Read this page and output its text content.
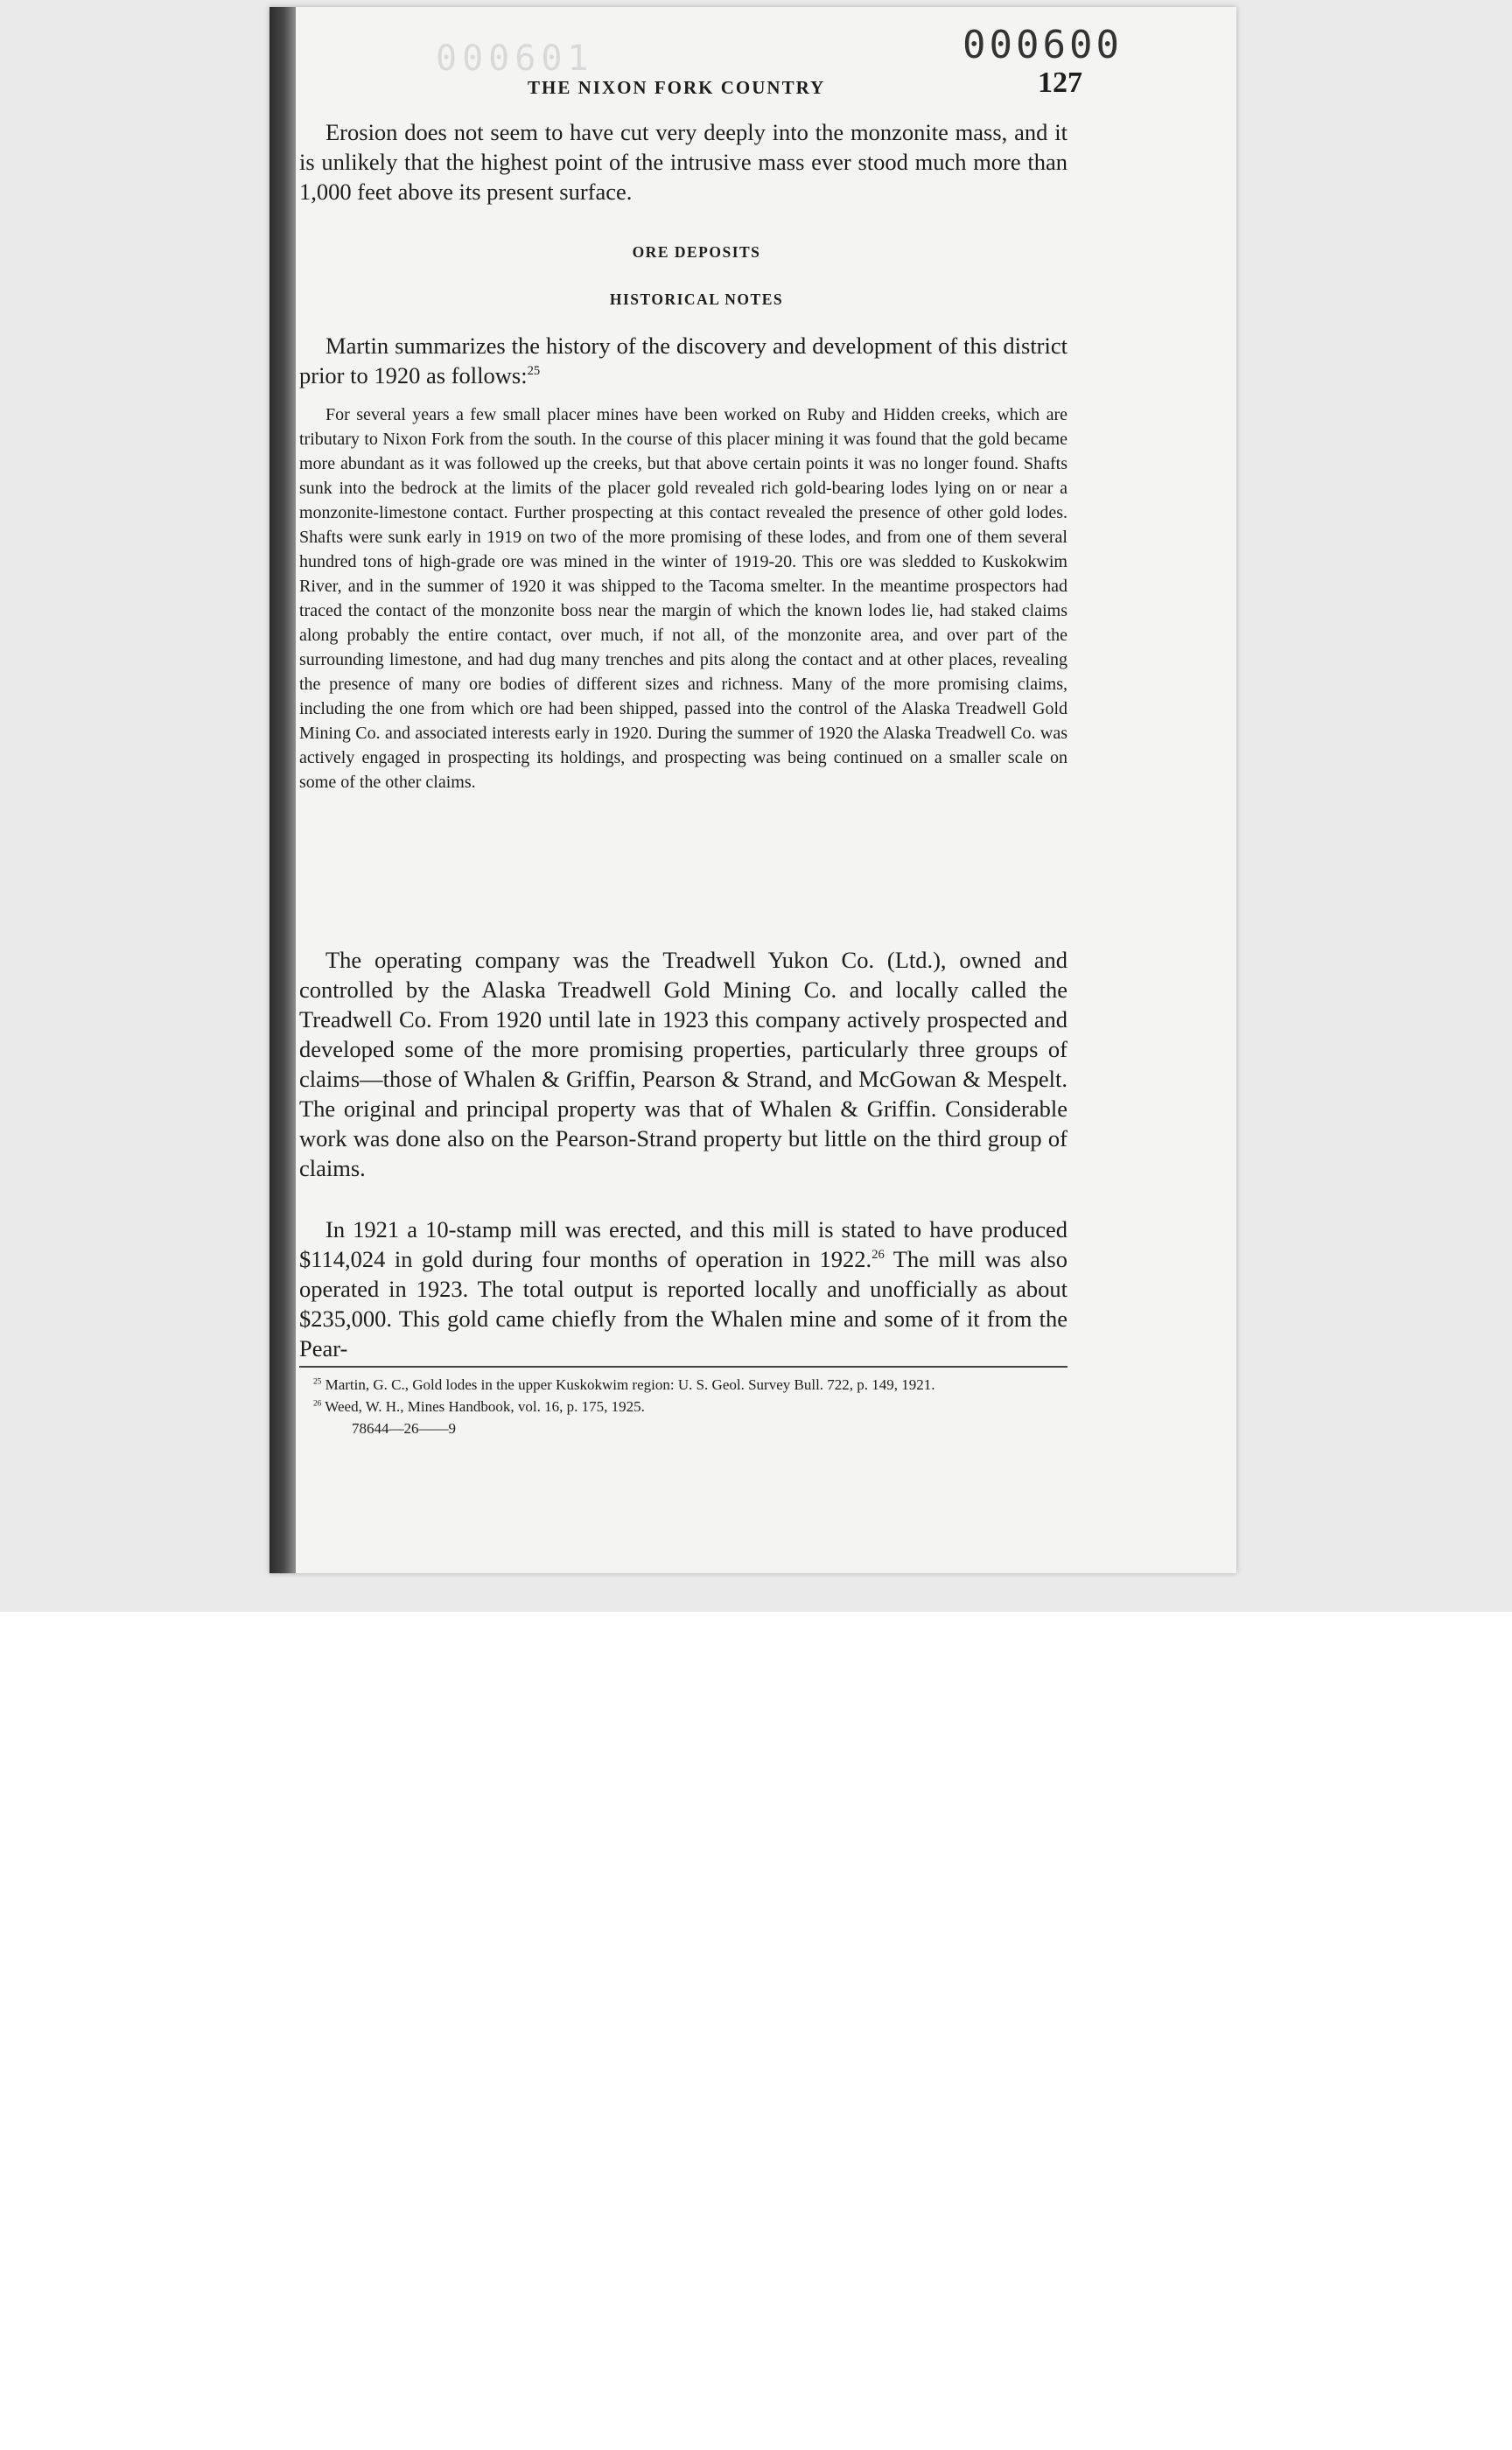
000601	000600
THE NIXON FORK COUNTRY	127
Erosion does not seem to have cut very deeply into the monzonite mass, and it is unlikely that the highest point of the intrusive mass ever stood much more than 1,000 feet above its present surface.
ORE DEPOSITS
HISTORICAL NOTES
Martin summarizes the history of the discovery and development of this district prior to 1920 as follows:$^{25}$
For several years a few small placer mines have been worked on Ruby and Hidden creeks, which are tributary to Nixon Fork from the south. In the course of this placer mining it was found that the gold became more abundant as it was followed up the creeks, but that above certain points it was no longer found. Shafts sunk into the bedrock at the limits of the placer gold revealed rich gold-bearing lodes lying on or near a monzonite-limestone contact. Further prospecting at this contact revealed the presence of other gold lodes. Shafts were sunk early in 1919 on two of the more promising of these lodes, and from one of them several hundred tons of high-grade ore was mined in the winter of 1919-20. This ore was sledded to Kuskokwim River, and in the summer of 1920 it was shipped to the Tacoma smelter. In the meantime prospectors had traced the contact of the monzonite boss near the margin of which the known lodes lie, had staked claims along probably the entire contact, over much, if not all, of the monzonite area, and over part of the surrounding limestone, and had dug many trenches and pits along the contact and at other places, revealing the presence of many ore bodies of different sizes and richness. Many of the more promising claims, including the one from which ore had been shipped, passed into the control of the Alaska Treadwell Gold Mining Co. and associated interests early in 1920. During the summer of 1920 the Alaska Treadwell Co. was actively engaged in prospecting its holdings, and prospecting was being continued on a smaller scale on some of the other claims.
The operating company was the Treadwell Yukon Co. (Ltd.), owned and controlled by the Alaska Treadwell Gold Mining Co. and locally called the Treadwell Co. From 1920 until late in 1923 this company actively prospected and developed some of the more promising properties, particularly three groups of claims—those of Whalen & Griffin, Pearson & Strand, and McGowan & Mespelt. The original and principal property was that of Whalen & Griffin. Considerable work was done also on the Pearson-Strand property but little on the third group of claims.
In 1921 a 10-stamp mill was erected, and this mill is stated to have produced $114,024 in gold during four months of operation in 1922.26 The mill was also operated in 1923. The total output is reported locally and unofficially as about $235,000. This gold came chiefly from the Whalen mine and some of it from the Pear-
$^{25}$ Martin, G. C., Gold lodes in the upper Kuskokwim region: U. S. Geol. Survey Bull. 722, p. 149, 1921.
$^{26}$ Weed, W. H., Mines Handbook, vol. 16, p. 175, 1925.
78644—26——9
